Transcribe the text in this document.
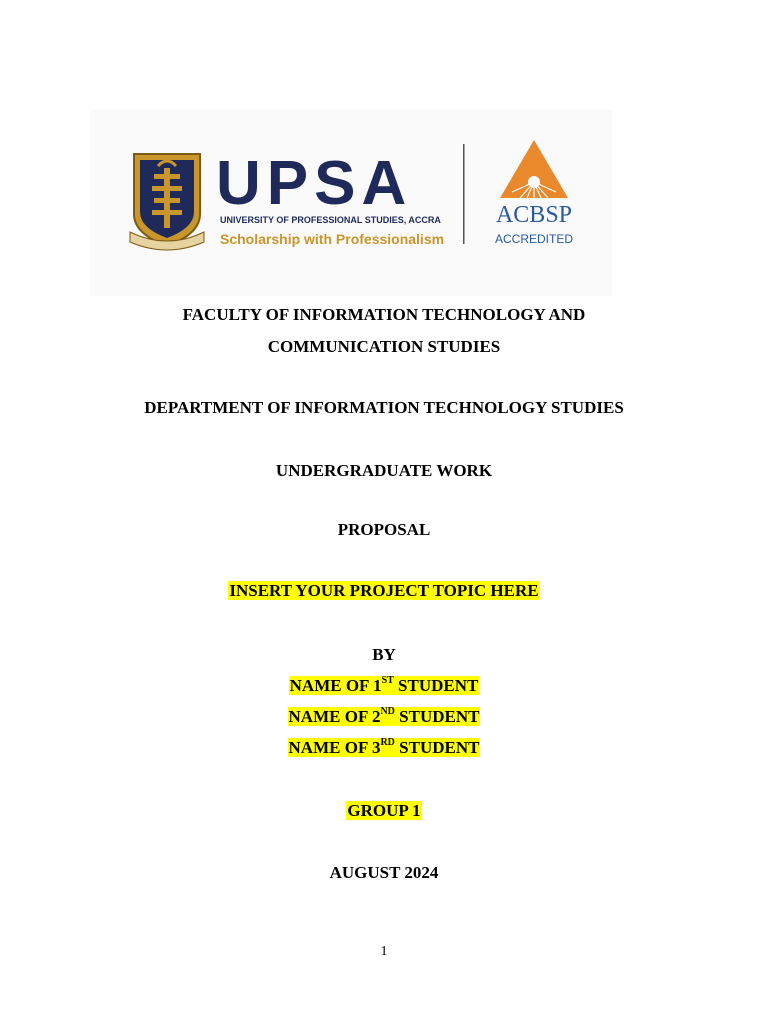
UPSA
UNIVERSITY OF PROFESSIONAL STUDIES, ACCRA
Scholarship with Professionalism
ACBSP
ACCREDITED
FACULTY OF INFORMATION TECHNOLOGY AND
COMMUNICATION STUDIES
DEPARTMENT OF INFORMATION TECHNOLOGY STUDIES
UNDERGRADUATE WORK
PROPOSAL
INSERT YOUR PROJECT TOPIC HERE
BY
NAME OF 1ST STUDENT
NAME OF 2ND STUDENT
NAME OF 3RD STUDENT
GROUP 1
AUGUST 2024
1
